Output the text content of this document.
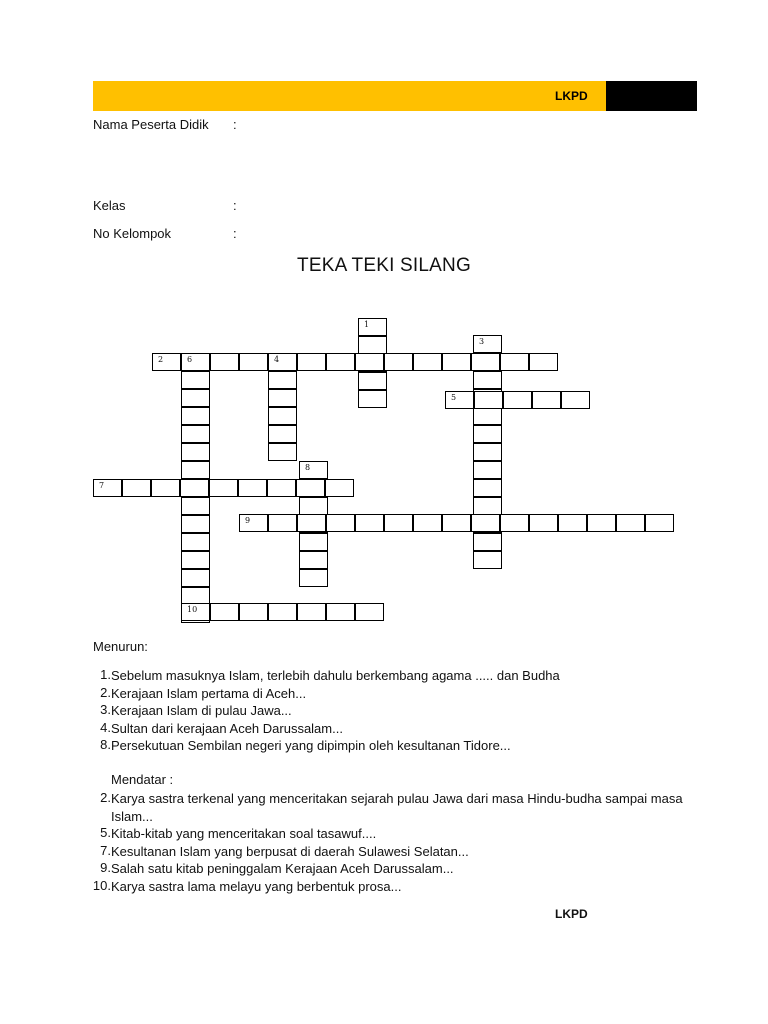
LKPD
Nama Peserta Didik :
Kelas	:
No Kelompok	:
TEKA TEKI SILANG
1
3
2	6	4
5
8
7
9
10
Menurun:
1. Sebelum masuknya Islam, terlebih dahulu berkembang agama ..... dan Budha
2. Kerajaan Islam pertama di Aceh...
3. Kerajaan Islam di pulau Jawa...
4. Sultan dari kerajaan Aceh Darussalam...
8. Persekutuan Sembilan negeri yang dipimpin oleh kesultanan Tidore...
Mendatar :
2. Karya sastra terkenal yang menceritakan sejarah pulau Jawa dari masa Hindu-budha sampai masa Islam...
5. Kitab-kitab yang menceritakan soal tasawuf....
7. Kesultanan Islam yang berpusat di daerah Sulawesi Selatan...
9. Salah satu kitab peninggalam Kerajaan Aceh Darussalam...
10. Karya sastra lama melayu yang berbentuk prosa...
LKPD
